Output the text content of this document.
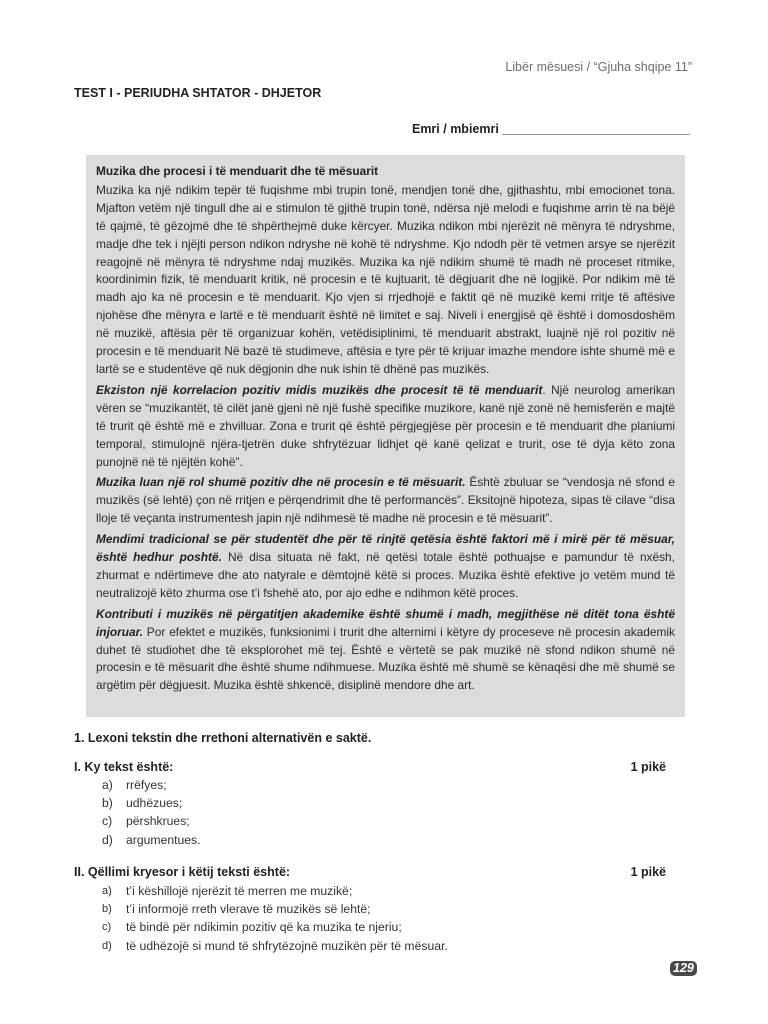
Libër mësuesi / “Gjuha shqipe 11”
TEST I - PERIUDHA SHTATOR - DHJETOR
Emri / mbiemri ___________________________
Muzika dhe procesi i të menduarit dhe të mësuarit

Muzika ka një ndikim tepër të fuqishme mbi trupin tonë, mendjen tonë dhe, gjithashtu, mbi emocionet tona. Mjafton vetëm një tingull dhe ai e stimulon të gjithë trupin tonë, ndërsa një melodi e fuqishme arrin të na bëjë të qajmë, të gëzojmë dhe të shpërthejmë duke kërcyer. Muzika ndikon mbi njerëzit në mënyra të ndryshme, madje dhe tek i njëjti person ndikon ndryshe në kohë të ndryshme. Kjo ndodh për të vetmen arsye se njerëzit reagojnë në mënyra të ndryshme ndaj muzikës. Muzika ka një ndikim shumë të madh në proceset ritmike, koordinimin fizik, të menduarit kritik, në procesin e të kujtuarit, të dëgjuarit dhe në logjikë. Por ndikim më të madh ajo ka në procesin e të menduarit. Kjo vjen si rrjedhojë e faktit që në muzikë kemi rritje të aftësive njohëse dhe mënyra e lartë e të menduarit është në limitet e saj. Niveli i energjisë që është i domosdoshëm në muzikë, aftësia për të organizuar kohën, vetëdisiplinimi, të menduarit abstrakt, luajnë një rol pozitiv në procesin e të menduarit Në bazë të studimeve, aftësia e tyre për të krijuar imazhe mendore ishte shumë më e lartë se e studentëve që nuk dëgjonin dhe nuk ishin të dhënë pas muzikës.

Ekziston një korrelacion pozitiv midis muzikës dhe procesit të të menduarit. Një neurolog amerikan vëren se “muzikantët, të cilët janë gjeni në një fushë specifike muzikore, kanë një zonë në hemisferën e majtë të trurit që është më e zhvilluar. Zona e trurit që është përgjegjëse për procesin e të menduarit dhe planiumi temporal, stimulojnë njëra-tjetrën duke shfrytëzuar lidhjet që kanë qelizat e trurit, ose të dyja këto zona punojnë në të njëjtën kohë”.

Muzika luan një rol shumë pozitiv dhe në procesin e të mësuarit. Është zbuluar se “vendosja në sfond e muzikës (së lehtë) çon në rritjen e përqendrimit dhe të performancës”. Eksitojnë hipoteza, sipas të cilave “disa lloje të veçanta instrumentesh japin një ndihmesë të madhe në procesin e të mësuarit”.

Mendimi tradicional se për studentët dhe për të rinjtë qetësia është faktori më i mirë për të mësuar, është hedhur poshtë. Në disa situata në fakt, në qetësi totale është pothuajse e pamundur të nxësh, zhurmat e ndërtimeve dhe ato natyrale e dëmtojnë këtë si proces. Muzika është efektive jo vetëm mund të neutralizojë këto zhurma ose t’i fshehë ato, por ajo edhe e ndihmon këtë proces.

Kontributi i muzikës në përgatitjen akademike është shumë i madh, megjithëse në ditët tona është injoruar. Por efektet e muzikës, funksionimi i trurit dhe alternimi i këtyre dy proceseve në procesin akademik duhet të studiohet dhe të eksplorohet më tej. Është e vërtetë se pak muzikë në sfond ndikon shumë në procesin e të mësuarit dhe është shume ndihmuese. Muzika është më shumë se kënaqësi dhe më shumë se argëtim për dëgjuesit. Muzika është shkencë, disiplinë mendore dhe art.

1. Lexoni tekstin dhe rrethoni alternativën e saktë.
I. Ky tekst është:	1 pikë
a)	rrëfyes;
b)	udhëzues;
c)	përshkrues;
d)	argumentues.
II. Qëllimi kryesor i këtij teksti është:	1 pikë
a)	t’i këshillojë njerëzit të merren me muzikë;
b)	t’i informojë rreth vlerave të muzikës së lehtë;
c)	të bindë për ndikimin pozitiv që ka muzika te njeriu;
d)	të udhëzojë si mund të shfrytëzojnë muzikën për të mësuar.
129
